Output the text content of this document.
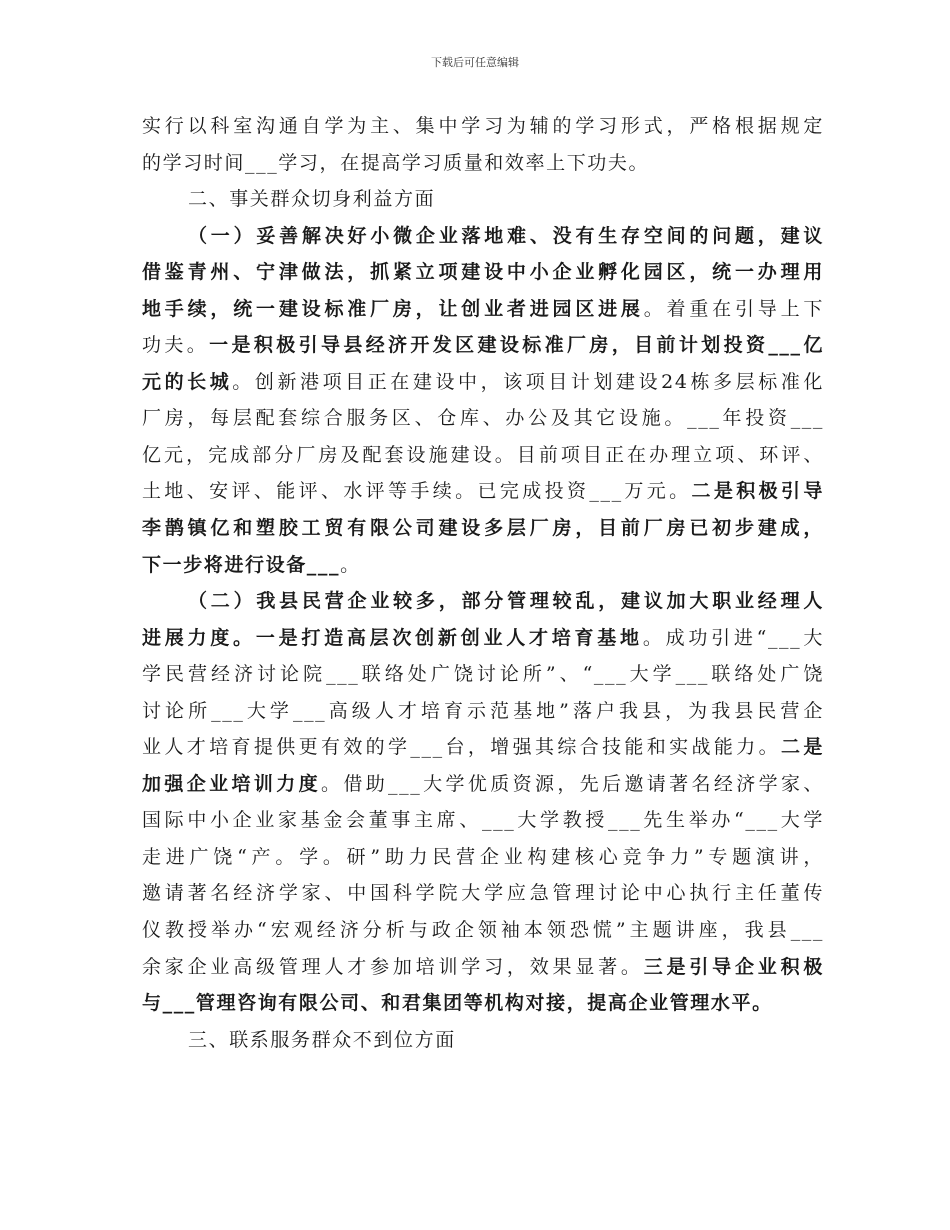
下载后可任意编辑
实行以科室沟通自学为主、集中学习为辅的学习形式，严格根据规定
的学习时间___学习，在提高学习质量和效率上下功夫。
二、事关群众切身利益方面
（一）妥善解决好小微企业落地难、没有生存空间的问题，建议
借鉴青州、宁津做法，抓紧立项建设中小企业孵化园区，统一办理用
地手续，统一建设标准厂房，让创业者进园区进展。着重在引导上下
功夫。一是积极引导县经济开发区建设标准厂房，目前计划投资___亿
元的长城。创新港项目正在建设中，该项目计划建设24栋多层标准化
厂房，每层配套综合服务区、仓库、办公及其它设施。___年投资___
亿元，完成部分厂房及配套设施建设。目前项目正在办理立项、环评、
土地、安评、能评、水评等手续。已完成投资___万元。二是积极引导
李鹊镇亿和塑胶工贸有限公司建设多层厂房，目前厂房已初步建成，
下一步将进行设备___。
（二）我县民营企业较多，部分管理较乱，建议加大职业经理人
进展力度。一是打造高层次创新创业人才培育基地。成功引进“___大
学民营经济讨论院___联络处广饶讨论所”、“___大学___联络处广饶
讨论所___大学___高级人才培育示范基地”落户我县，为我县民营企
业人才培育提供更有效的学___台，增强其综合技能和实战能力。二是
加强企业培训力度。借助___大学优质资源，先后邀请著名经济学家、
国际中小企业家基金会董事主席、___大学教授___先生举办“___大学
走进广饶“产。学。研”助力民营企业构建核心竞争力”专题演讲，
邀请著名经济学家、中国科学院大学应急管理讨论中心执行主任董传
仪教授举办“宏观经济分析与政企领袖本领恐慌”主题讲座，我县___
余家企业高级管理人才参加培训学习，效果显著。三是引导企业积极
与___管理咨询有限公司、和君集团等机构对接，提高企业管理水平。
三、联系服务群众不到位方面
